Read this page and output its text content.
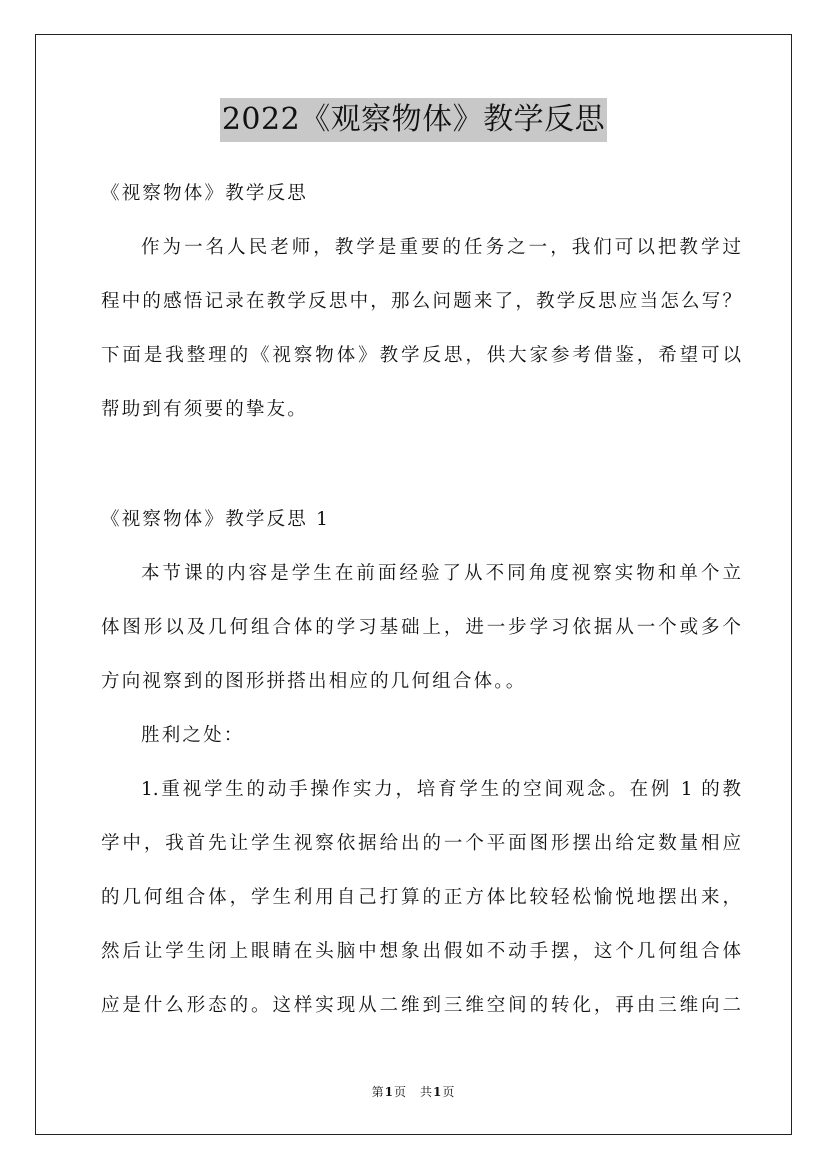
2022《观察物体》教学反思
《视察物体》教学反思
作为一名人民老师，教学是重要的任务之一，我们可以把教学过
程中的感悟记录在教学反思中，那么问题来了，教学反思应当怎么写？
下面是我整理的《视察物体》教学反思，供大家参考借鉴，希望可以
帮助到有须要的挚友。
《视察物体》教学反思 1
本节课的内容是学生在前面经验了从不同角度视察实物和单个立
体图形以及几何组合体的学习基础上，进一步学习依据从一个或多个
方向视察到的图形拼搭出相应的几何组合体。。
胜利之处：
1.重视学生的动手操作实力，培育学生的空间观念。在例 1 的教
学中，我首先让学生视察依据给出的一个平面图形摆出给定数量相应
的几何组合体，学生利用自己打算的正方体比较轻松愉悦地摆出来，
然后让学生闭上眼睛在头脑中想象出假如不动手摆，这个几何组合体
应是什么形态的。这样实现从二维到三维空间的转化，再由三维向二
第1页　共1页
